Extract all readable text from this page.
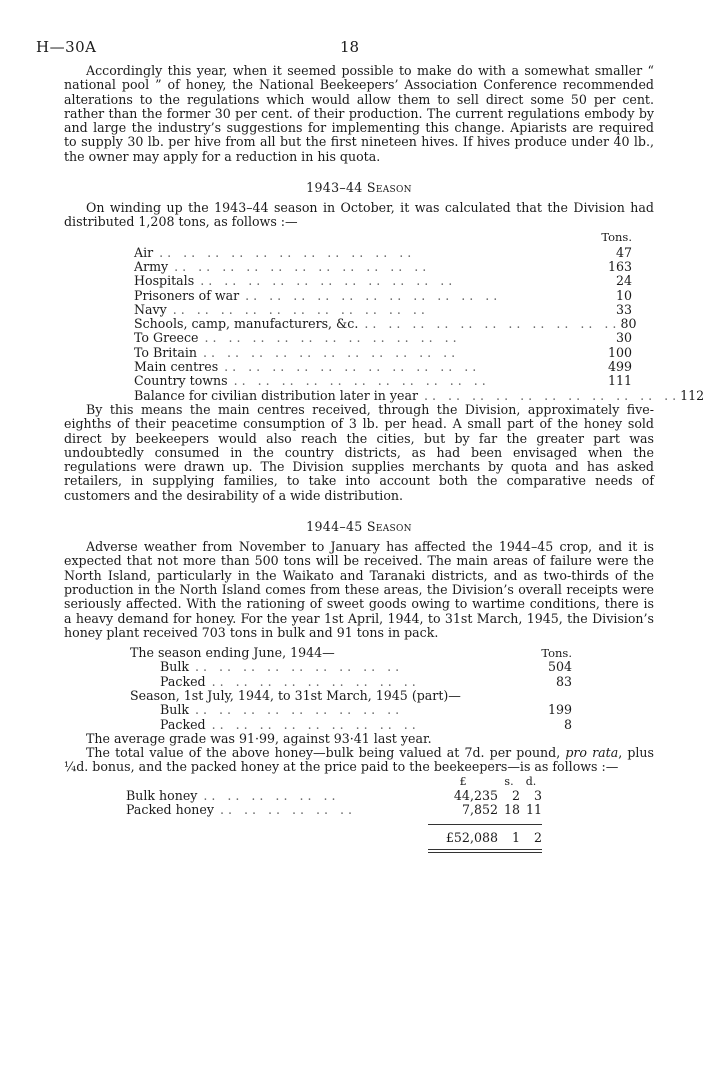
H—30A	18

Accordingly this year, when it seemed possible to make do with a somewhat smaller “ national pool ” of honey, the National Beekeepers’ Association Conference recommended alterations to the regulations which would allow them to sell direct some 50 per cent. rather than the former 30 per cent. of their production. The current regulations embody by and large the industry’s suggestions for implementing this change. Apiarists are required to supply 30 lb. per hive from all but the first nineteen hives. If hives produce under 40 lb., the owner may apply for a reduction in his quota.

1943–44 Season

On winding up the 1943–44 season in October, it was calculated that the Division had distributed 1,208 tons, as follows :—

Tons.
Air .. .. .. .. .. .. .. .. .. .. ..	47
Army .. .. .. .. .. .. .. .. .. .. ..	163
Hospitals .. .. .. .. .. .. .. .. .. .. ..	24
Prisoners of war .. .. .. .. .. .. .. .. .. .. ..	10
Navy .. .. .. .. .. .. .. .. .. .. ..	33
Schools, camp, manufacturers, &c. .. .. .. .. .. .. .. .. .. .. .. 80
To Greece .. .. .. .. .. .. .. .. .. .. ..	30
To Britain .. .. .. .. .. .. .. .. .. .. ..	100
Main centres .. .. .. .. .. .. .. .. .. .. ..	499
Country towns .. .. .. .. .. .. .. .. .. .. ..	111
Balance for civilian distribution later in year .. .. .. .. .. .. .. .. .. .. .. 112

By this means the main centres received, through the Division, approximately five-eighths of their peacetime consumption of 3 lb. per head. A small part of the honey sold direct by beekeepers would also reach the cities, but by far the greater part was undoubtedly consumed in the country districts, as had been envisaged when the regulations were drawn up. The Division supplies merchants by quota and has asked retailers, in supplying families, to take into account both the comparative needs of customers and the desirability of a wide distribution.

1944–45 Season

Adverse weather from November to January has affected the 1944–45 crop, and it is expected that not more than 500 tons will be received. The main areas of failure were the North Island, particularly in the Waikato and Taranaki districts, and as two-thirds of the production in the North Island comes from these areas, the Division’s overall receipts were seriously affected. With the rationing of sweet goods owing to wartime conditions, there is a heavy demand for honey. For the year 1st April, 1944, to 31st March, 1945, the Division’s honey plant received 703 tons in bulk and 91 tons in pack.

The season ending June, 1944—	Tons.
Bulk .. .. .. .. .. .. .. .. ..	504
Packed .. .. .. .. .. .. .. .. ..	83
Season, 1st July, 1944, to 31st March, 1945 (part)—
Bulk .. .. .. .. .. .. .. .. ..	199
Packed .. .. .. .. .. .. .. .. ..	8

The average grade was 91·99, against 93·41 last year.

The total value of the above honey—bulk being valued at 7d. per pound, pro rata, plus ¼d. bonus, and the packed honey at the price paid to the beekeepers—is as follows :—

£	s.	d.
Bulk honey .. .. .. .. .. ..	44,235	2	3
Packed honey .. .. .. .. .. ..	7,852 18 11
£52,088	1	2
